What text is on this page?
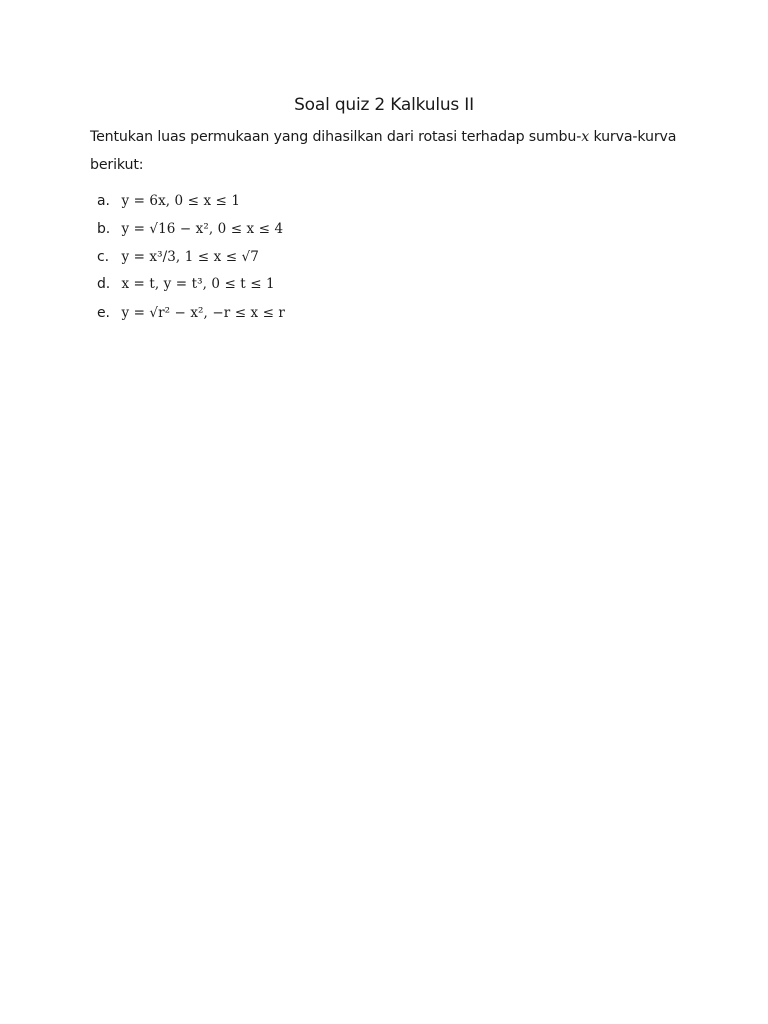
Soal quiz 2 Kalkulus II
Tentukan luas permukaan yang dihasilkan dari rotasi terhadap sumbu-x kurva-kurva
berikut:
a. y = 6x, 0 ≤ x ≤ 1
b. y = √16 − x², 0 ≤ x ≤ 4
c. y = x³/3, 1 ≤ x ≤ √7
d. x = t, y = t³, 0 ≤ t ≤ 1
e. y = √r² − x², −r ≤ x ≤ r
